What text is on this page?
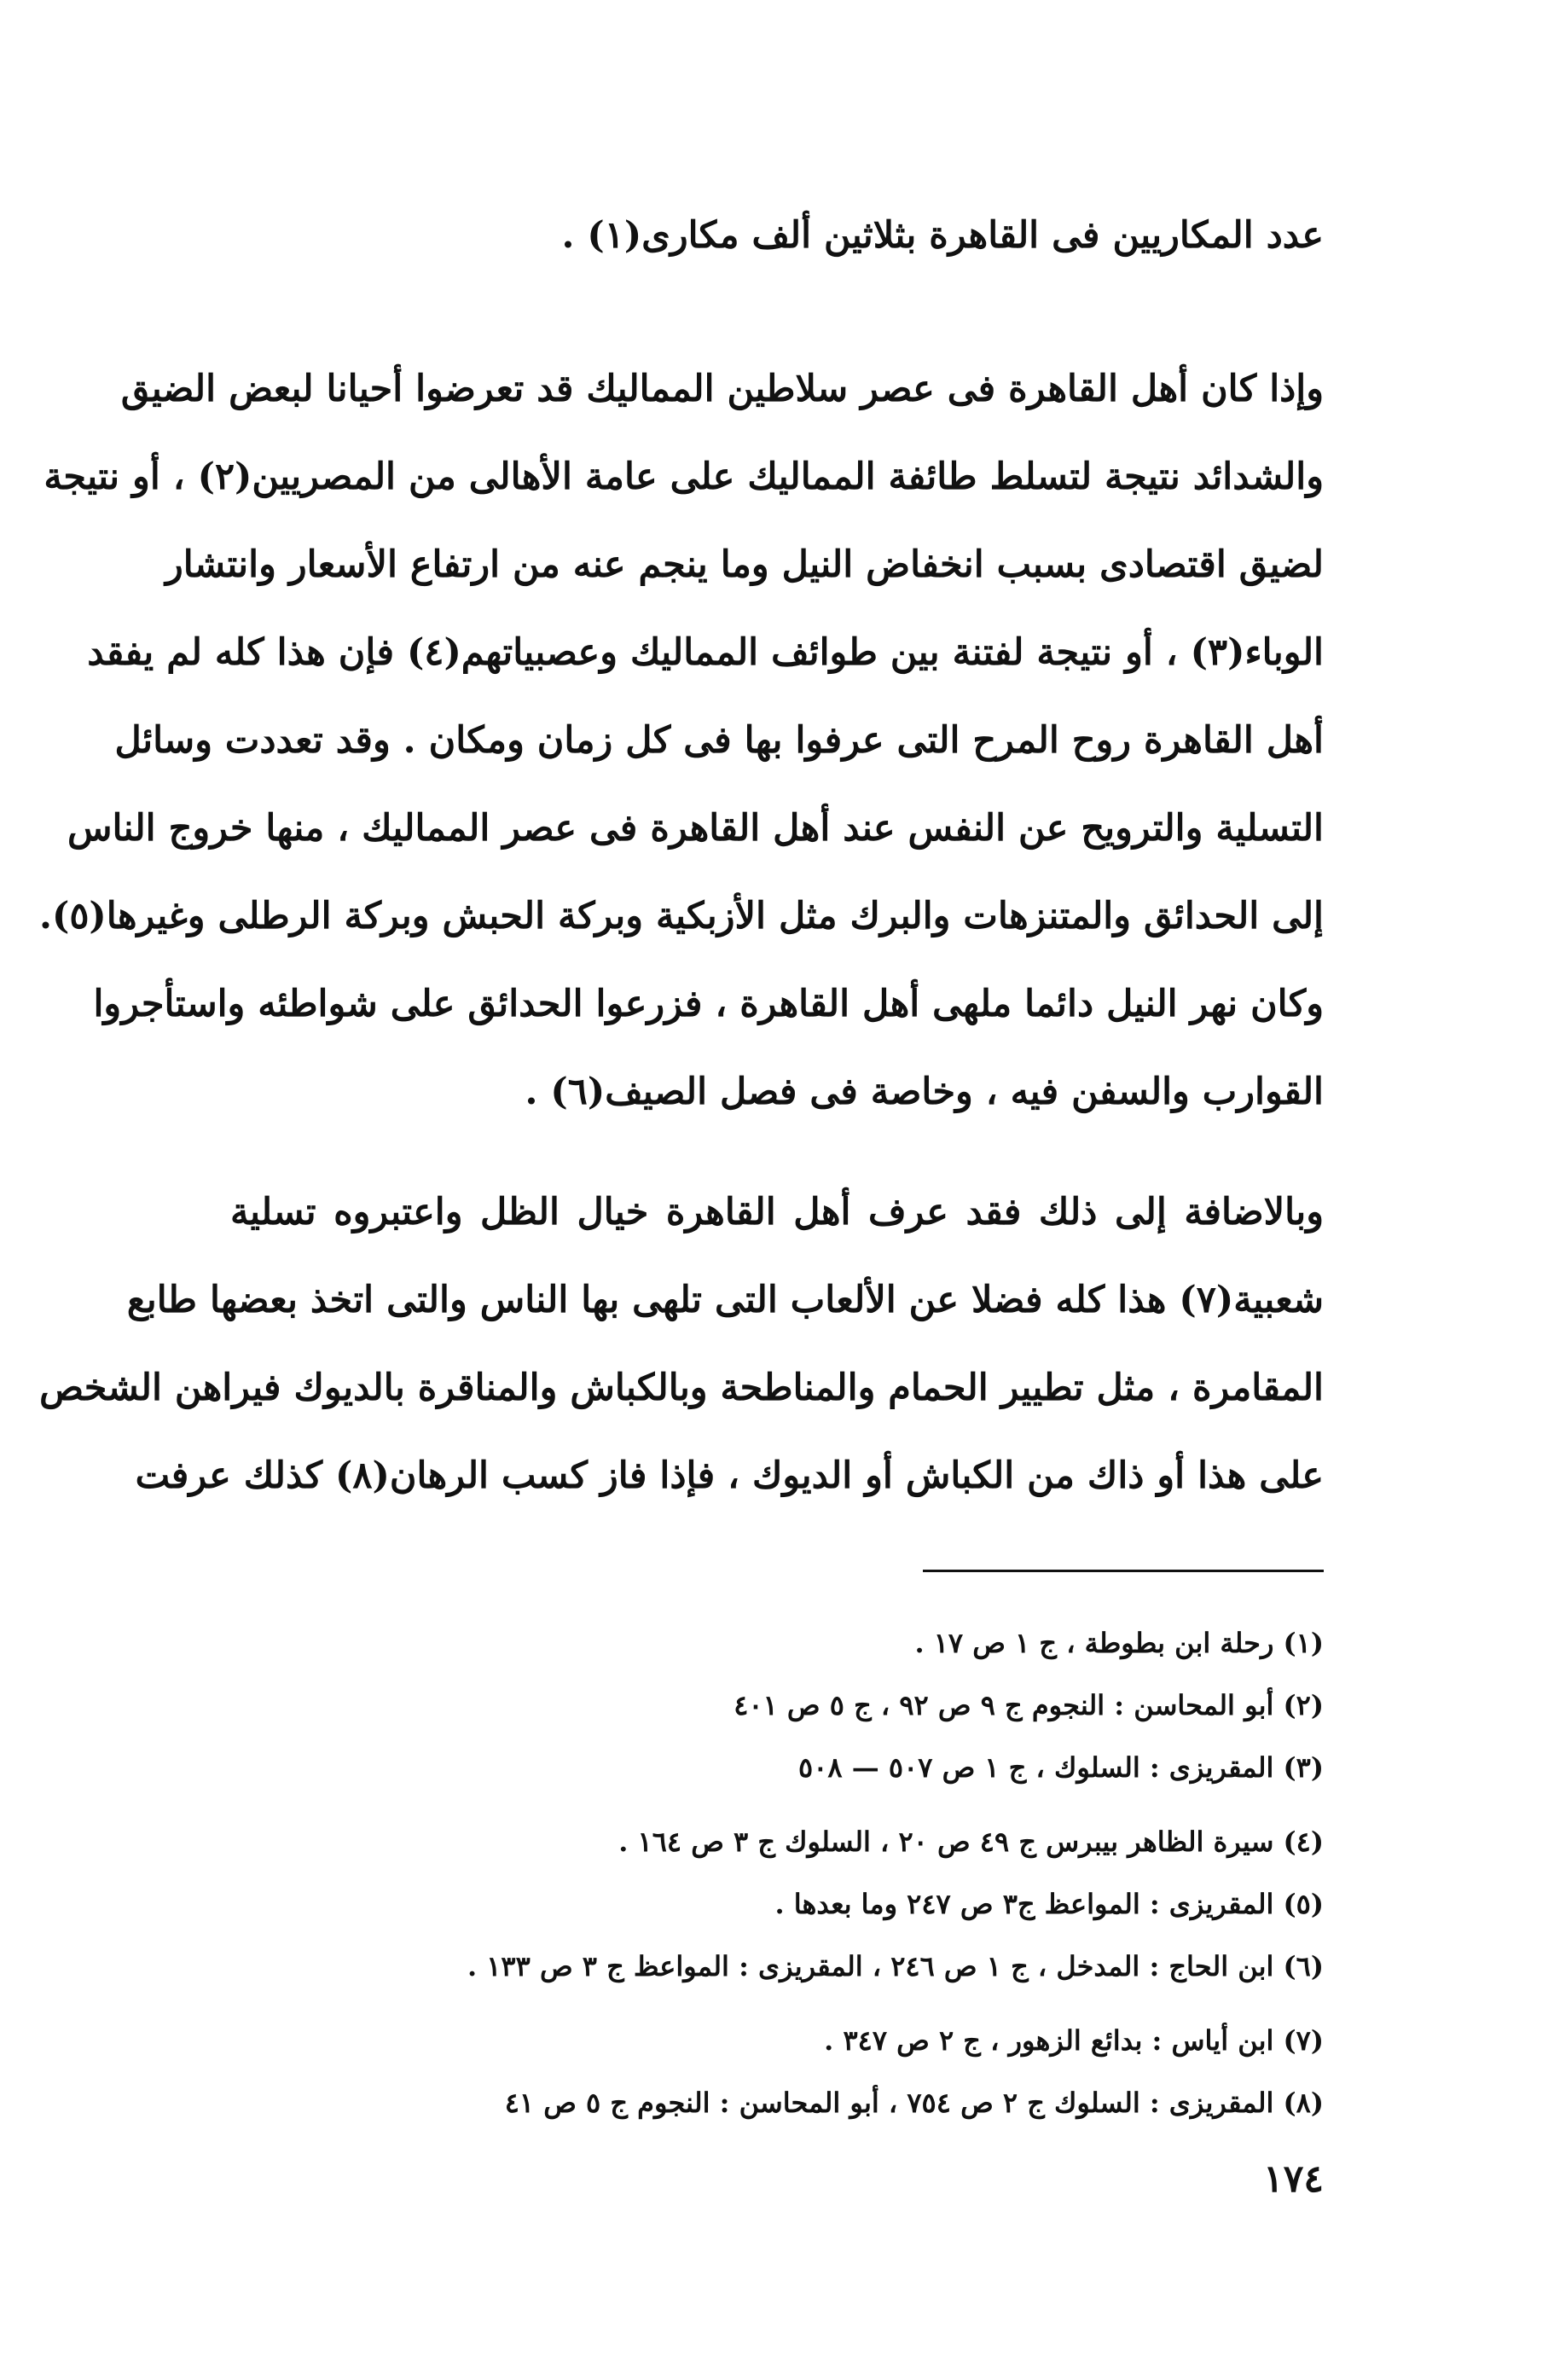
عدد المكاريين فى القاهرة بثلاثين ألف مكارى(١) .
وإذا كان أهل القاهرة فى عصر سلاطين المماليك قد تعرضوا أحيانا لبعض الضيق
والشدائد نتيجة لتسلط طائفة المماليك على عامة الأهالى من المصريين(٢) ، أو نتيجة
لضيق اقتصادى بسبب انخفاض النيل وما ينجم عنه من ارتفاع الأسعار وانتشار
الوباء(٣) ، أو نتيجة لفتنة بين طوائف المماليك وعصبياتهم(٤) فإن هذا كله لم يفقد
أهل القاهرة روح المرح التى عرفوا بها فى كل زمان ومكان . وقد تعددت وسائل
التسلية والترويح عن النفس عند أهل القاهرة فى عصر المماليك ، منها خروج الناس
إلى الحدائق والمتنزهات والبرك مثل الأزبكية وبركة الحبش وبركة الرطلى وغيرها(٥).
وكان نهر النيل دائما ملهى أهل القاهرة ، فزرعوا الحدائق على شواطئه واستأجروا
القوارب والسفن فيه ، وخاصة فى فصل الصيف(٦) .
وبالاضافة إلى ذلك فقد عرف أهل القاهرة خيال الظل واعتبروه تسلية
شعبية(٧) هذا كله فضلا عن الألعاب التى تلهى بها الناس والتى اتخذ بعضها طابع
المقامرة ، مثل تطيير الحمام والمناطحة وبالكباش والمناقرة بالديوك فيراهن الشخص
على هذا أو ذاك من الكباش أو الديوك ، فإذا فاز كسب الرهان(٨) كذلك عرفت
(١) رحلة ابن بطوطة ، ج ١ ص ١٧ .
(٢) أبو المحاسن : النجوم ج ٩ ص ٩٢ ، ج ٥ ص ٤٠١
(٣) المقريزى : السلوك ، ج ١ ص ٥٠٧ — ٥٠٨
(٤) سيرة الظاهر بيبرس ج ٤٩ ص ٢٠ ، السلوك ج ٣ ص ١٦٤ .
(٥) المقريزى : المواعظ ج٣ ص ٢٤٧ وما بعدها .
(٦) ابن الحاج : المدخل ، ج ١ ص ٢٤٦ ، المقريزى : المواعظ ج ٣ ص ١٣٣ .
(٧) ابن أياس : بدائع الزهور ، ج ٢ ص ٣٤٧ .
(٨) المقريزى : السلوك ج ٢ ص ٧٥٤ ، أبو المحاسن : النجوم ج ٥ ص ٤١
١٧٤
